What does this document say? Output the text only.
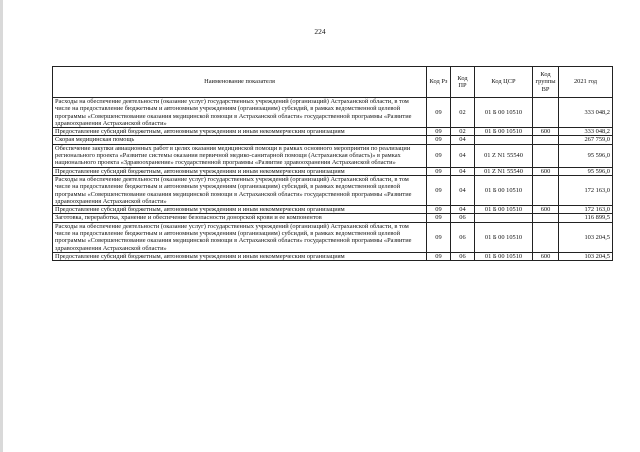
224
Наименование показателя	Код Рз	Код ПР	Код ЦСР	Код группы ВР	2021 год
Расходы на обеспечение деятельности (оказание услуг) государственных учреждений (организаций) Астраханской области, в том числе на предоставление бюджетным и автономным учреждениям (организациям) субсидий, в рамках ведомственной целевой программы «Совершенствование оказания медицинской помощи в Астраханской области» государственной программы «Развитие здравоохранения Астраханской области»	09	02	01 Б 00 10510		333 048,2
Предоставление субсидий бюджетным, автономным учреждениям и иным некоммерческим организациям	09	02	01 Б 00 10510	600	333 048,2
Скорая медицинская помощь	09	04			267 759,0
Обеспечение закупки авиационных работ в целях оказания медицинской помощи в рамках основного мероприятия по реализации регионального проекта «Развитие системы оказания первичной медико-санитарной помощи (Астраханская область)» в рамках национального проекта «Здравоохранение» государственной программы «Развитие здравоохранения Астраханской области»	09	04	01 Z N1 55540		95 596,0
Предоставление субсидий бюджетным, автономным учреждениям и иным некоммерческим организациям	09	04	01 Z N1 55540	600	95 596,0
Расходы на обеспечение деятельности (оказание услуг) государственных учреждений (организаций) Астраханской области, в том числе на предоставление бюджетным и автономным учреждениям (организациям) субсидий, в рамках ведомственной целевой программы «Совершенствование оказания медицинской помощи в Астраханской области» государственной программы «Развитие здравоохранения Астраханской области»	09	04	01 Б 00 10510		172 163,0
Предоставление субсидий бюджетным, автономным учреждениям и иным некоммерческим организациям	09	04	01 Б 00 10510	600	172 163,0
Заготовка, переработка, хранение и обеспечение безопасности донорской крови и ее компонентов	09	06			116 899,5
Расходы на обеспечение деятельности (оказание услуг) государственных учреждений (организаций) Астраханской области, в том числе на предоставление бюджетным и автономным учреждениям (организациям) субсидий, в рамках ведомственной целевой программы «Совершенствование оказания медицинской помощи в Астраханской области» государственной программы «Развитие здравоохранения Астраханской области»	09	06	01 Б 00 10510		103 204,5
Предоставление субсидий бюджетным, автономным учреждениям и иным некоммерческим организациям	09	06	01 Б 00 10510	600	103 204,5
